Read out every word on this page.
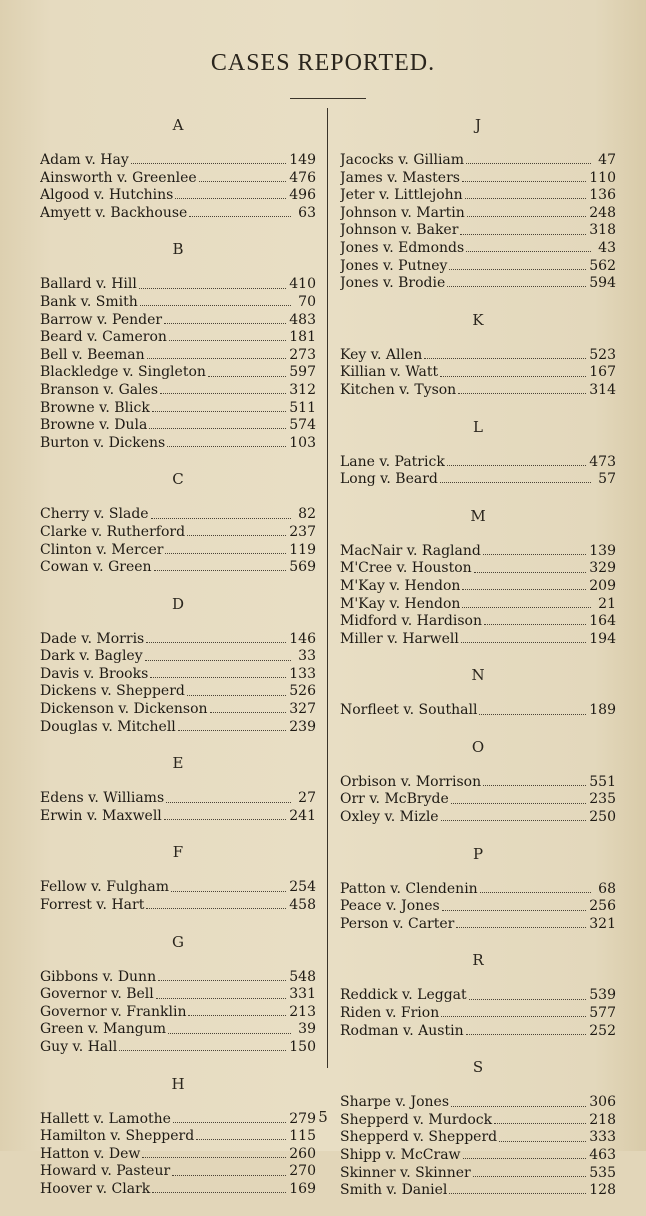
CASES REPORTED.
A
Adam v. Hay	149
Ainsworth v. Greenlee	476
Algood v. Hutchins	496
Amyett v. Backhouse	63
B
Ballard v. Hill	410
Bank v. Smith	70
Barrow v. Pender	483
Beard v. Cameron	181
Bell v. Beeman	273
Blackledge v. Singleton	597
Branson v. Gales	312
Browne v. Blick	511
Browne v. Dula	574
Burton v. Dickens	103
C
Cherry v. Slade	82
Clarke v. Rutherford	237
Clinton v. Mercer	119
Cowan v. Green	569
D
Dade v. Morris	146
Dark v. Bagley	33
Davis v. Brooks	133
Dickens v. Shepperd	526
Dickenson v. Dickenson	327
Douglas v. Mitchell	239
E
Edens v. Williams	27
Erwin v. Maxwell	241
F
Fellow v. Fulgham	254
Forrest v. Hart	458
G
Gibbons v. Dunn	548
Governor v. Bell	331
Governor v. Franklin	213
Green v. Mangum	39
Guy v. Hall	150
H
Hallett v. Lamothe	279
Hamilton v. Shepperd	115
Hatton v. Dew	260
Howard v. Pasteur	270
Hoover v. Clark	169
J
Jacocks v. Gilliam	47
James v. Masters	110
Jeter v. Littlejohn	136
Johnson v. Martin	248
Johnson v. Baker	318
Jones v. Edmonds	43
Jones v. Putney	562
Jones v. Brodie	594
K
Key v. Allen	523
Killian v. Watt	167
Kitchen v. Tyson	314
L
Lane v. Patrick	473
Long v. Beard	57
M
MacNair v. Ragland	139
M'Cree v. Houston	329
M'Kay v. Hendon	209
M'Kay v. Hendon	21
Midford v. Hardison	164
Miller v. Harwell	194
N
Norfleet v. Southall	189
O
Orbison v. Morrison	551
Orr v. McBryde	235
Oxley v. Mizle	250
P
Patton v. Clendenin	68
Peace v. Jones	256
Person v. Carter	321
R
Reddick v. Leggat	539
Riden v. Frion	577
Rodman v. Austin	252
S
Sharpe v. Jones	306
Shepperd v. Murdock	218
Shepperd v. Shepperd	333
Shipp v. McCraw	463
Skinner v. Skinner	535
Smith v. Daniel	128
5
